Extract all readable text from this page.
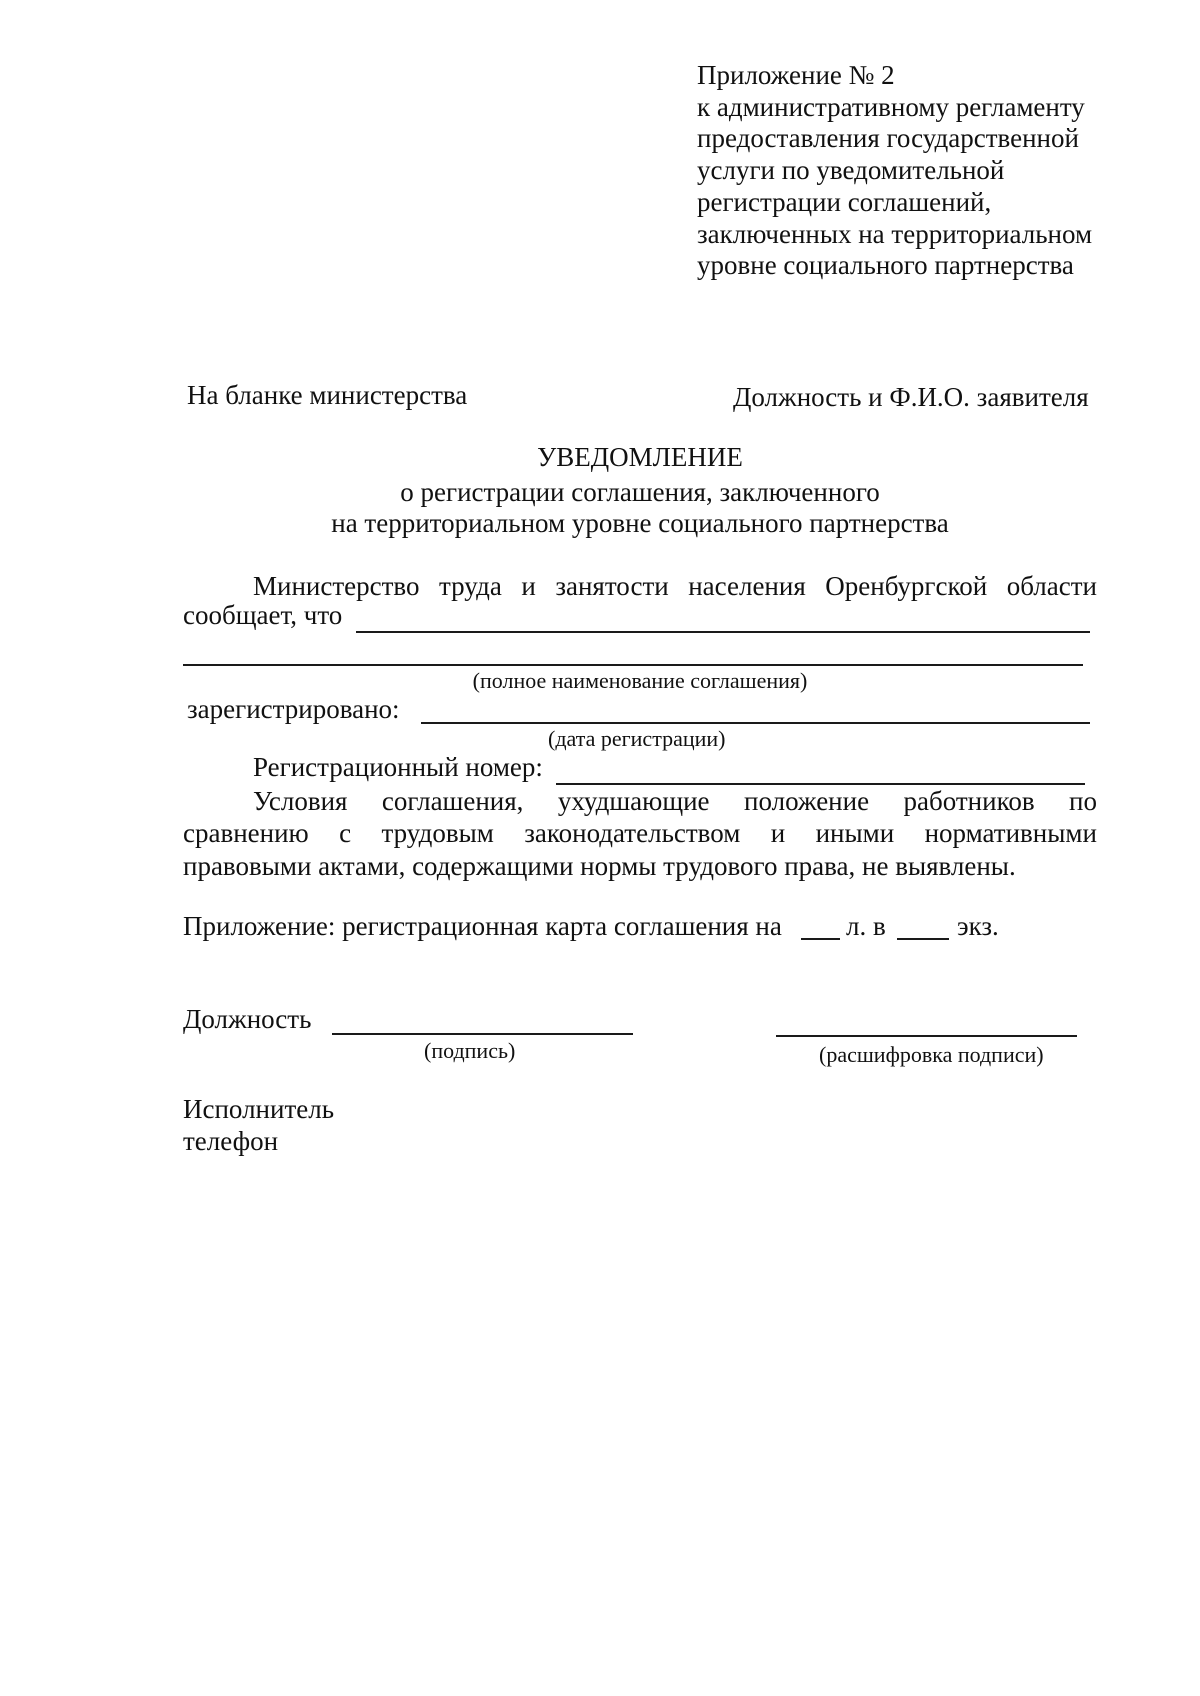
Приложение № 2
к административному регламенту
предоставления государственной
услуги по уведомительной
регистрации соглашений,
заключенных на территориальном
уровне социального партнерства
На бланке министерства	Должность и Ф.И.О. заявителя
УВЕДОМЛЕНИЕ
о регистрации соглашения, заключенного
на территориальном уровне социального партнерства
Министерство труда и занятости населения Оренбургской области
сообщает, что
(полное наименование соглашения)
зарегистрировано:
(дата регистрации)
Регистрационный номер:
Условия соглашения, ухудшающие положение работников по
сравнению с трудовым законодательством и иными нормативными
правовыми актами, содержащими нормы трудового права, не выявлены.
Приложение: регистрационная карта соглашения на л. в	экз.
Должность
(подпись)	(расшифровка подписи)
Исполнитель
телефон
